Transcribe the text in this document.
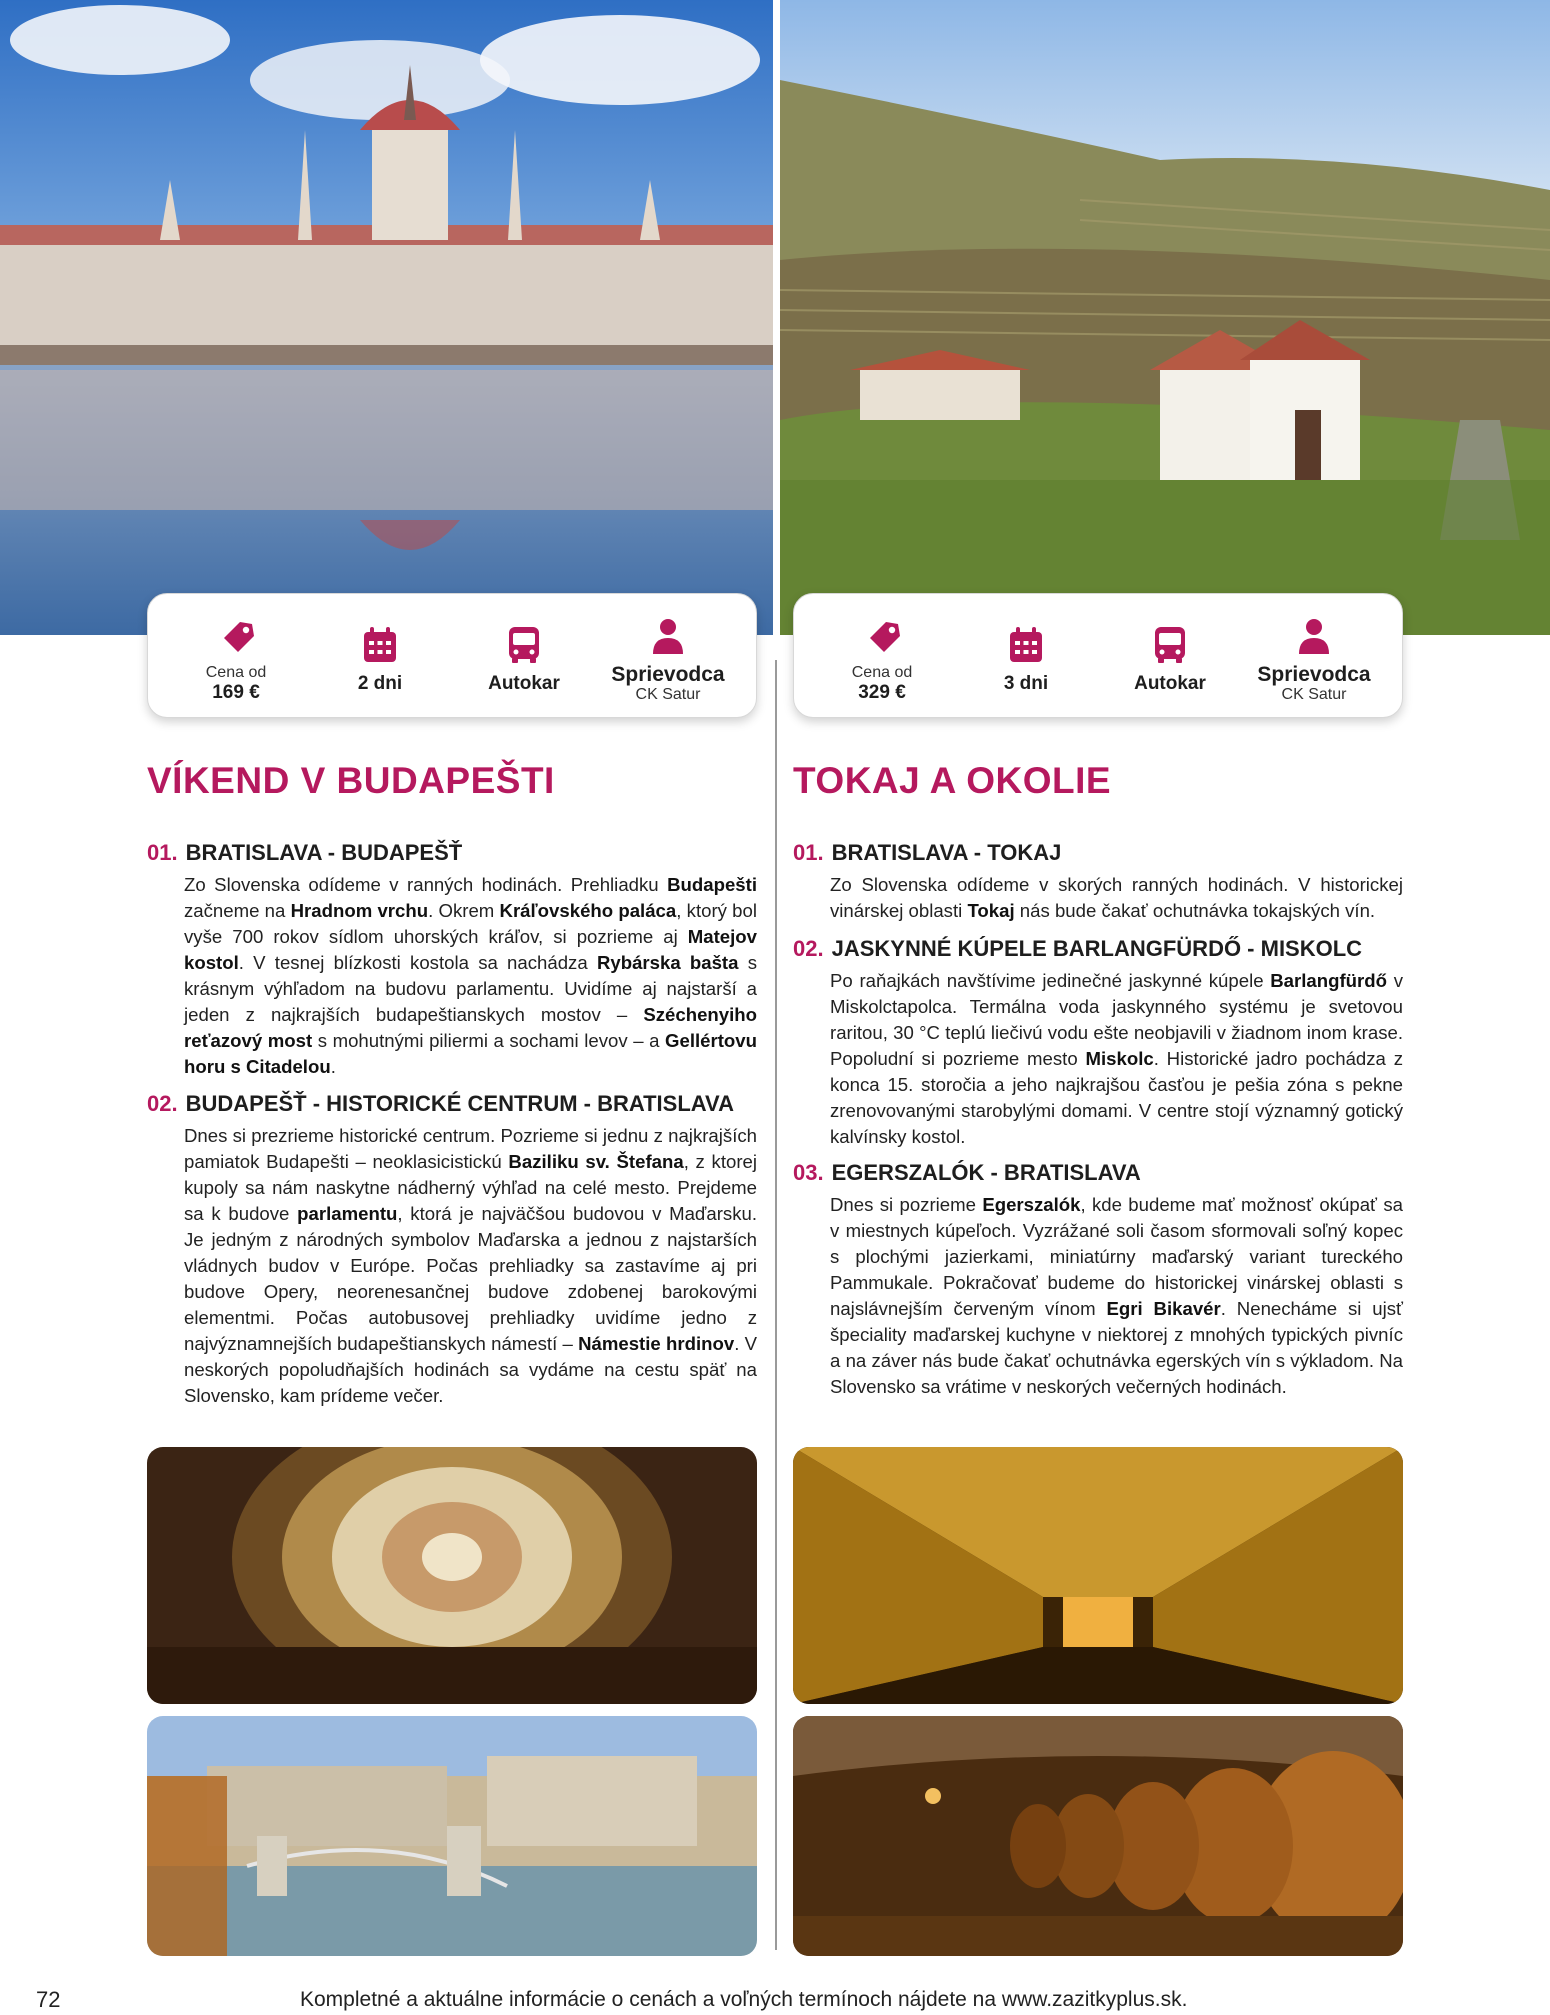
Cena od
169 €	2 dni	Autokar Sprievodca
CK Satur
Cena od
329 €	3 dni	Autokar Sprievodca
CK Satur
VÍKEND V BUDAPEŠTI	TOKAJ A OKOLIE
01. BRATISLAVA - BUDAPEŠŤ

Zo Slovenska odídeme v ranných hodinách. Prehliadku Budapešti začneme na Hradnom vrchu. Okrem Kráľovského paláca, ktorý bol vyše 700 rokov sídlom uhorských kráľov, si pozrieme aj Matejov kostol. V tesnej blízkosti kostola sa nachádza Rybárska bašta s krásnym výhľadom na budovu parlamentu. Uvidíme aj najstarší a jeden z najkrajších budapeštianskych mostov – Széchenyiho reťazový most s mohutnými piliermi a sochami levov – a Gellértovu horu s Citadelou.

02. BUDAPEŠŤ - HISTORICKÉ CENTRUM - BRATISLAVA

Dnes si prezrieme historické centrum. Pozrieme si jednu z najkrajších pamiatok Budapešti – neoklasicistickú Baziliku sv. Štefana, z ktorej kupoly sa nám naskytne nádherný výhľad na celé mesto. Prejdeme sa k budove parlamentu, ktorá je najväčšou budovou v Maďarsku. Je jedným z národných symbolov Maďarska a jednou z najstarších vládnych budov v Európe. Počas prehliadky sa zastavíme aj pri budove Opery, neorenesančnej budove zdobenej barokovými elementmi. Počas autobusovej prehliadky uvidíme jedno z najvýznamnejších budapeštianskych námestí – Námestie hrdinov. V neskorých popoludňajších hodinách sa vydáme na cestu späť na Slovensko, kam prídeme večer.

01. BRATISLAVA - TOKAJ

Zo Slovenska odídeme v skorých ranných hodinách. V historickej vinárskej oblasti Tokaj nás bude čakať ochutnávka tokajských vín.

02. JASKYNNÉ KÚPELE BARLANGFÜRDŐ - MISKOLC

Po raňajkách navštívime jedinečné jaskynné kúpele Barlangfürdő v Miskolctapolca. Termálna voda jaskynného systému je svetovou raritou, 30 °C teplú liečivú vodu ešte neobjavili v žiadnom inom krase. Popoludní si pozrieme mesto Miskolc. Historické jadro pochádza z konca 15. storočia a jeho najkrajšou časťou je pešia zóna s pekne zrenovovanými starobylými domami. V centre stojí významný gotický kalvínsky kostol.

03. EGERSZALÓK - BRATISLAVA

Dnes si pozrieme Egerszalók, kde budeme mať možnosť okúpať sa v miestnych kúpeľoch. Vyzrážané soli časom sformovali soľný kopec s plochými jazierkami, miniatúrny maďarský variant tureckého Pammukale. Pokračovať budeme do historickej vinárskej oblasti s najslávnejším červeným vínom Egri Bikavér. Nenecháme si ujsť špeciality maďarskej kuchyne v niektorej z mnohých typických pivníc a na záver nás bude čakať ochutnávka egerských vín s výkladom. Na Slovensko sa vrátime v neskorých večerných hodinách.

72	Kompletné a aktuálne informácie o cenách a voľných termínoch nájdete na www.zazitkyplus.sk.
